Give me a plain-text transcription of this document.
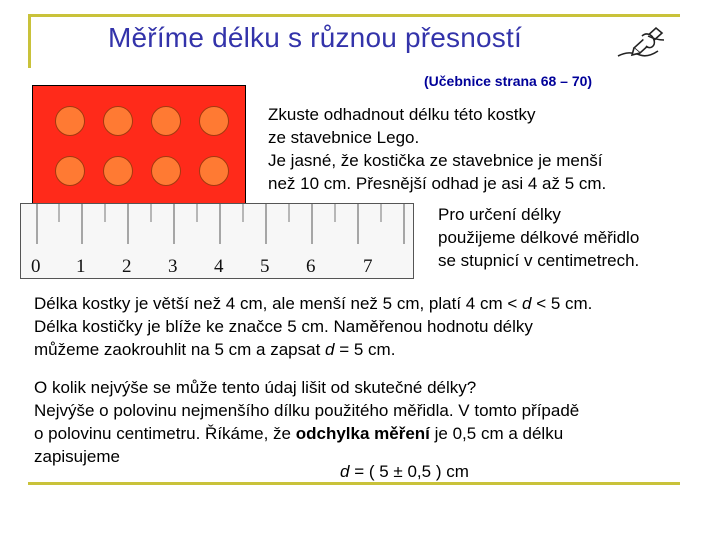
Měříme délku s různou přesností
(Učebnice strana 68 – 70)
0 1 2 3 4 5 6	7
Zkuste odhadnout délku této kostky
ze stavebnice Lego.
Je jasné, že kostička ze stavebnice je menší
než 10 cm. Přesnější odhad je asi 4 až 5 cm.
Pro určení délky
použijeme délkové měřidlo
se stupnicí v centimetrech.
Délka kostky je větší než 4 cm, ale menší než 5 cm, platí 4 cm < d < 5 cm.
Délka kostičky je blíže ke značce 5 cm. Naměřenou hodnotu délky
můžeme zaokrouhlit na 5 cm a zapsat d = 5 cm.
O kolik nejvýše se může tento údaj lišit od skutečné délky?
Nejvýše o polovinu nejmenšího dílku použitého měřidla. V tomto případě
o polovinu centimetru. Říkáme, že odchylka měření je 0,5 cm a délku
zapisujeme
d = ( 5 ± 0,5 ) cm
